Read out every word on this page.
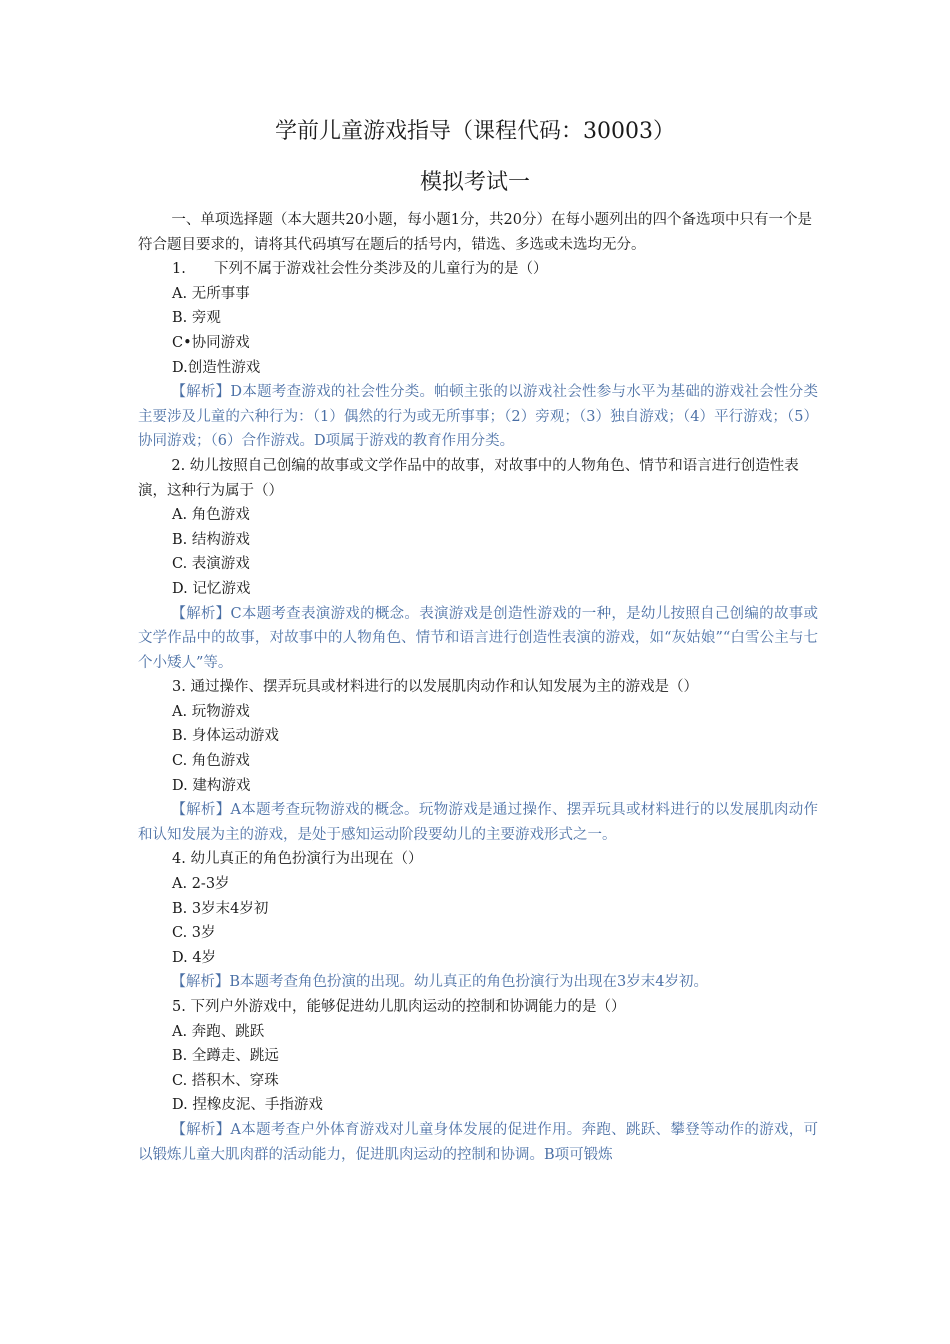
学前儿童游戏指导（课程代码：30003）
模拟考试一

一、单项选择题（本大题共20小题，每小题1分，共20分）在每小题列出的四个备选项中只有一个是符合题目要求的，请将其代码填写在题后的括号内，错选、多选或未选均无分。

1. 下列不属于游戏社会性分类涉及的儿童行为的是（）

A. 无所事事

B. 旁观

C•协同游戏

D.创造性游戏

【解析】D本题考查游戏的社会性分类。帕顿主张的以游戏社会性参与水平为基础的游戏社会性分类主要涉及儿童的六种行为：（1）偶然的行为或无所事事；（2）旁观；（3）独自游戏；（4）平行游戏；（5）协同游戏；（6）合作游戏。D项属于游戏的教育作用分类。

2. 幼儿按照自己创编的故事或文学作品中的故事，对故事中的人物角色、情节和语言进行创造性表演，这种行为属于（）

A. 角色游戏

B. 结构游戏

C. 表演游戏

D. 记忆游戏

【解析】C本题考查表演游戏的概念。表演游戏是创造性游戏的一种，是幼儿按照自己创编的故事或文学作品中的故事，对故事中的人物角色、情节和语言进行创造性表演的游戏，如“灰姑娘”“白雪公主与七个小矮人”等。

3. 通过操作、摆弄玩具或材料进行的以发展肌肉动作和认知发展为主的游戏是（）

A. 玩物游戏

B. 身体运动游戏

C. 角色游戏

D. 建构游戏

【解析】A本题考查玩物游戏的概念。玩物游戏是通过操作、摆弄玩具或材料进行的以发展肌肉动作和认知发展为主的游戏，是处于感知运动阶段要幼儿的主要游戏形式之一。

4. 幼儿真正的角色扮演行为出现在（）

A. 2-3岁

B. 3岁末4岁初

C. 3岁

D. 4岁

【解析】B本题考查角色扮演的出现。幼儿真正的角色扮演行为出现在3岁末4岁初。

5. 下列户外游戏中，能够促进幼儿肌肉运动的控制和协调能力的是（）

A. 奔跑、跳跃

B. 全蹲走、跳远

C. 搭积木、穿珠

D. 捏橡皮泥、手指游戏

【解析】A本题考查户外体育游戏对儿童身体发展的促进作用。奔跑、跳跃、攀登等动作的游戏，可以锻炼儿童大肌肉群的活动能力，促进肌肉运动的控制和协调。B项可锻炼
